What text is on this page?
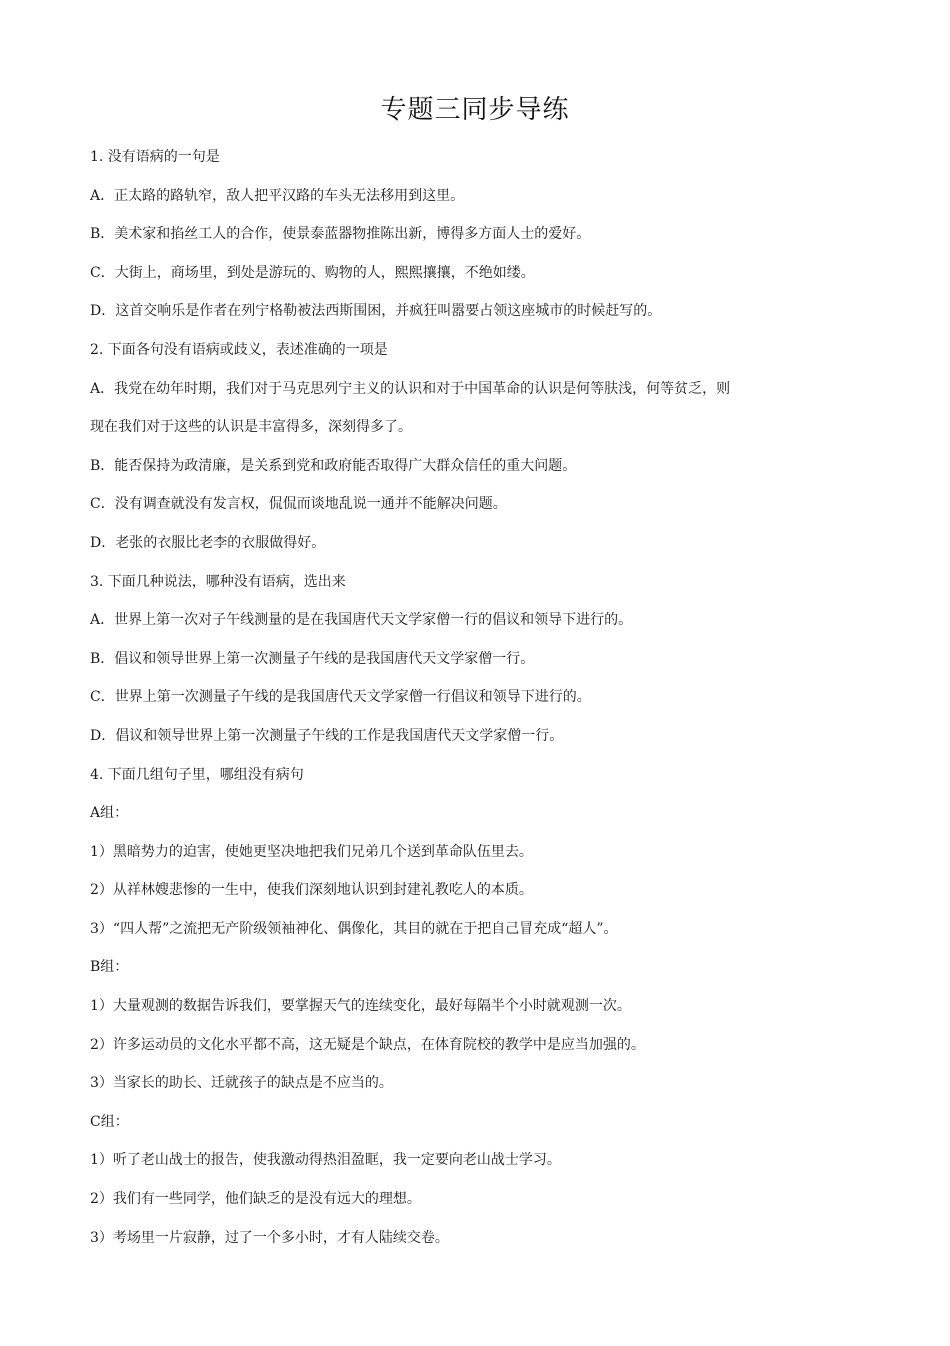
专题三同步导练
1. 没有语病的一句是
A．正太路的路轨窄，敌人把平汉路的车头无法移用到这里。
B．美术家和掐丝工人的合作，使景泰蓝器物推陈出新，博得多方面人士的爱好。
C．大街上，商场里，到处是游玩的、购物的人，熙熙攘攘，不绝如缕。
D．这首交响乐是作者在列宁格勒被法西斯围困，并疯狂叫嚣要占领这座城市的时候赶写的。
2. 下面各句没有语病或歧义，表述准确的一项是
A．我党在幼年时期，我们对于马克思列宁主义的认识和对于中国革命的认识是何等肤浅，何等贫乏，则
现在我们对于这些的认识是丰富得多，深刻得多了。
B．能否保持为政清廉，是关系到党和政府能否取得广大群众信任的重大问题。
C．没有调查就没有发言权，侃侃而谈地乱说一通并不能解决问题。
D．老张的衣服比老李的衣服做得好。
3. 下面几种说法，哪种没有语病，选出来
A．世界上第一次对子午线测量的是在我国唐代天文学家僧一行的倡议和领导下进行的。
B．倡议和领导世界上第一次测量子午线的是我国唐代天文学家僧一行。
C．世界上第一次测量子午线的是我国唐代天文学家僧一行倡议和领导下进行的。
D．倡议和领导世界上第一次测量子午线的工作是我国唐代天文学家僧一行。
4. 下面几组句子里，哪组没有病句
A组：
1）黑暗势力的迫害，使她更坚决地把我们兄弟几个送到革命队伍里去。
2）从祥林嫂悲惨的一生中，使我们深刻地认识到封建礼教吃人的本质。
3）“四人帮”之流把无产阶级领袖神化、偶像化，其目的就在于把自己冒充成“超人”。
B组：
1）大量观测的数据告诉我们，要掌握天气的连续变化，最好每隔半个小时就观测一次。
2）许多运动员的文化水平都不高，这无疑是个缺点，在体育院校的教学中是应当加强的。
3）当家长的助长、迁就孩子的缺点是不应当的。
C组：
1）听了老山战士的报告，使我激动得热泪盈眶，我一定要向老山战士学习。
2）我们有一些同学，他们缺乏的是没有远大的理想。
3）考场里一片寂静，过了一个多小时，才有人陆续交卷。
